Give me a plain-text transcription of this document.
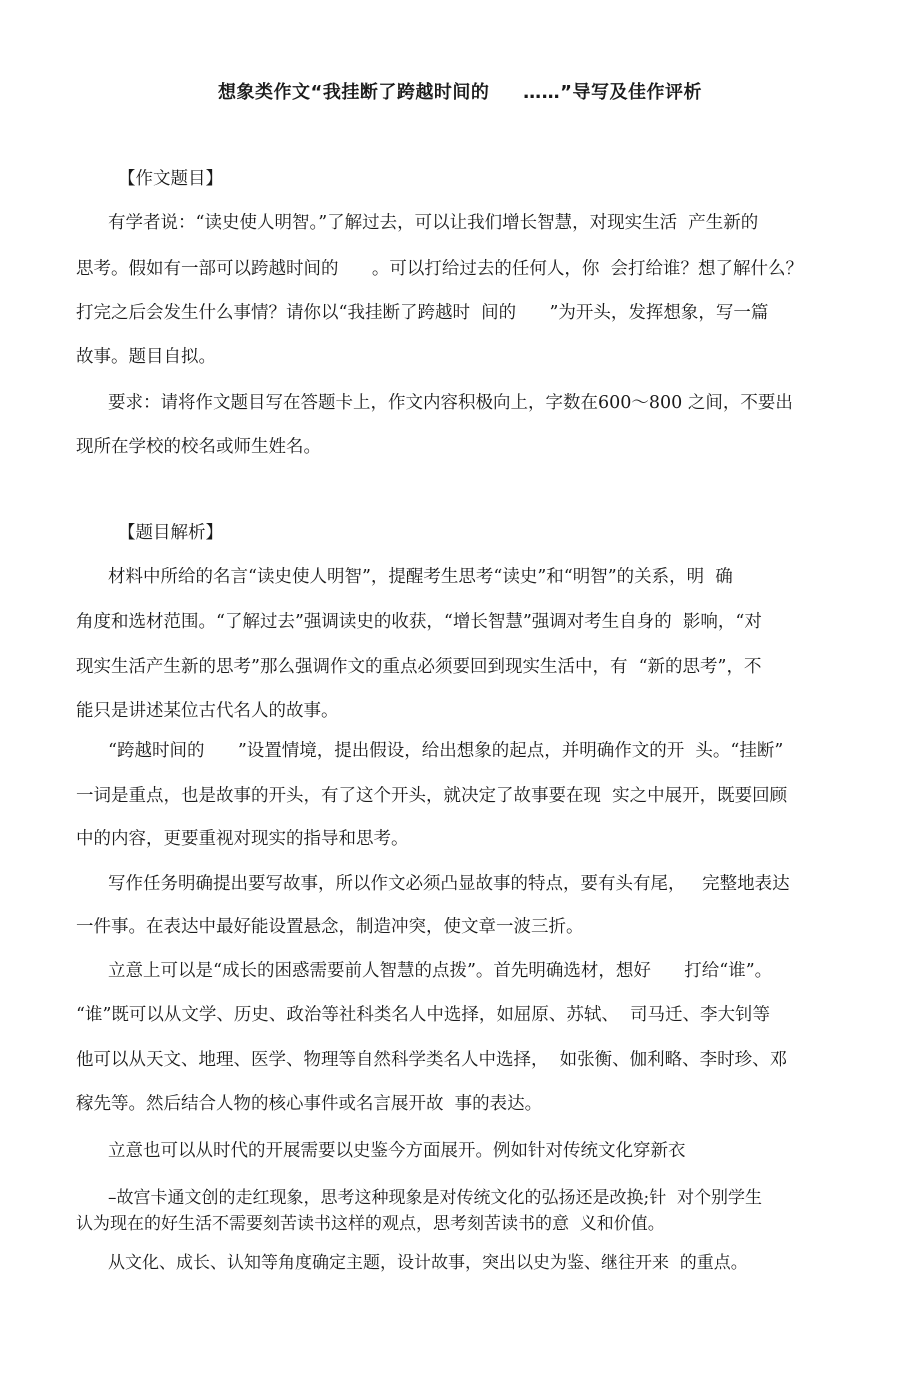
想象类作文“我挂断了跨越时间的     ……”导写及佳作评析
【作文题目】
有学者说：“读史使人明智。”了解过去，可以让我们增长智慧，对现实生活  产生新的
思考。假如有一部可以跨越时间的      。可以打给过去的任何人，你  会打给谁？想了解什么？
打完之后会发生什么事情？请你以“我挂断了跨越时  间的      ”为开头，发挥想象，写一篇
故事。题目自拟。
要求：请将作文题目写在答题卡上，作文内容积极向上，字数在600〜800 之间，不要出
现所在学校的校名或师生姓名。
【题目解析】
材料中所给的名言“读史使人明智”，提醒考生思考“读史”和“明智”的关系，明  确
角度和选材范围。“了解过去”强调读史的收获，“增长智慧”强调对考生自身的  影响，“对
现实生活产生新的思考”那么强调作文的重点必须要回到现实生活中，有  “新的思考”，不
能只是讲述某位古代名人的故事。
“跨越时间的      ”设置情境，提出假设，给出想象的起点，并明确作文的开  头。“挂断”
一词是重点，也是故事的开头，有了这个开头，就决定了故事要在现  实之中展开，既要回顾
中的内容，更要重视对现实的指导和思考。
写作任务明确提出要写故事，所以作文必须凸显故事的特点，要有头有尾，   完整地表达
一件事。在表达中最好能设置悬念，制造冲突，使文章一波三折。
立意上可以是“成长的困惑需要前人智慧的点拨”。首先明确选材，想好      打给“谁”。
“谁”既可以从文学、历史、政治等社科类名人中选择，如屈原、苏轼、  司马迁、李大钊等
他可以从天文、地理、医学、物理等自然科学类名人中选择，  如张衡、伽利略、李时珍、邓
稼先等。然后结合人物的核心事件或名言展开故  事的表达。
立意也可以从时代的开展需要以史鉴今方面展开。例如针对传统文化穿新衣
–故宫卡通文创的走红现象，思考这种现象是对传统文化的弘扬还是改换;针  对个别学生
认为现在的好生活不需要刻苦读书这样的观点，思考刻苦读书的意  义和价值。
从文化、成长、认知等角度确定主题，设计故事，突出以史为鉴、继往开来  的重点。
